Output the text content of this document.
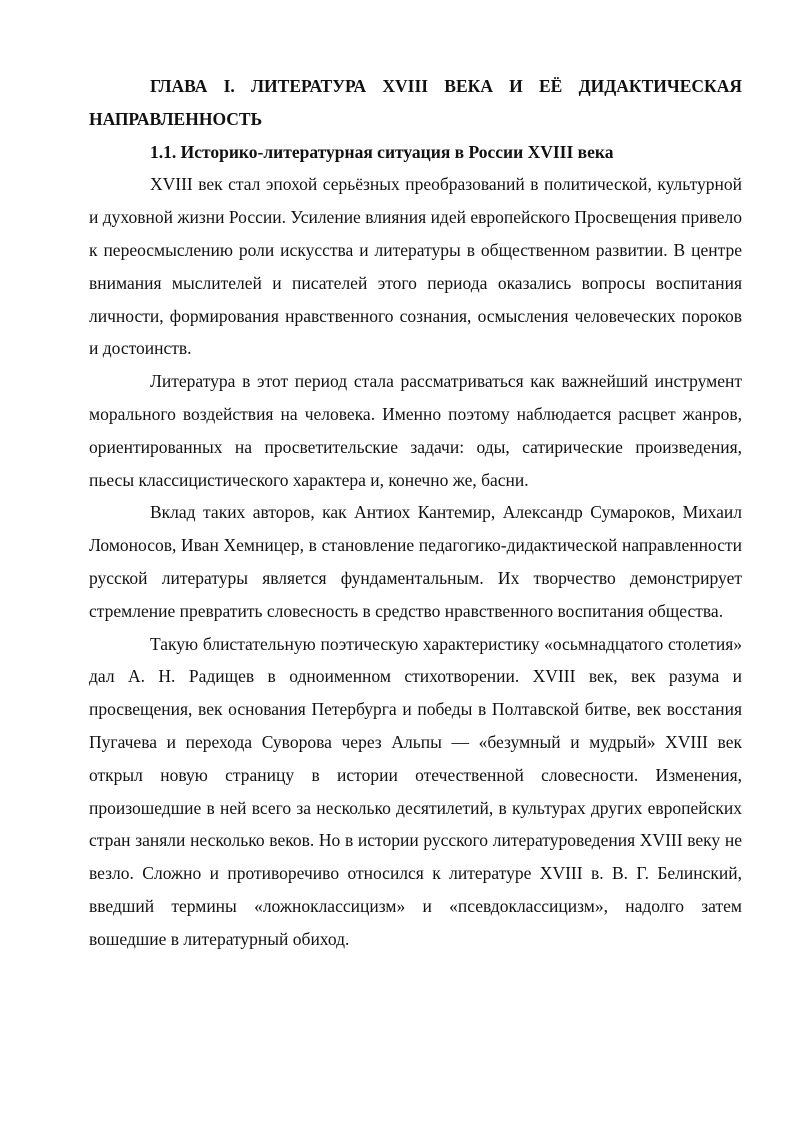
ГЛАВА I. ЛИТЕРАТУРА XVIII ВЕКА И ЕЁ ДИДАКТИЧЕСКАЯ НАПРАВЛЕННОСТЬ
1.1. Историко-литературная ситуация в России XVIII века

XVIII век стал эпохой серьёзных преобразований в политической, культурной и духовной жизни России. Усиление влияния идей европейского Просвещения привело к переосмыслению роли искусства и литературы в общественном развитии. В центре внимания мыслителей и писателей этого периода оказались вопросы воспитания личности, формирования нравственного сознания, осмысления человеческих пороков и достоинств.

Литература в этот период стала рассматриваться как важнейший инструмент морального воздействия на человека. Именно поэтому наблюдается расцвет жанров, ориентированных на просветительские задачи: оды, сатирические произведения, пьесы классицистического характера и, конечно же, басни.

Вклад таких авторов, как Антиох Кантемир, Александр Сумароков, Михаил Ломоносов, Иван Хемницер, в становление педагогико-дидактической направленности русской литературы является фундаментальным. Их творчество демонстрирует стремление превратить словесность в средство нравственного воспитания общества.

Такую блистательную поэтическую характеристику «осьмнадцатого столетия» дал А. Н. Радищев в одноименном стихотворении. XVIII век, век разума и просвещения, век основания Петербурга и победы в Полтавской битве, век восстания Пугачева и перехода Суворова через Альпы — «безумный и мудрый» XVIII век открыл новую страницу в истории отечественной словесности. Изменения, произошедшие в ней всего за несколько десятилетий, в культурах других европейских стран заняли несколько веков. Но в истории русского литературоведения XVIII веку не везло. Сложно и противоречиво относился к литературе XVIII в. В. Г. Белинский, введший термины «ложноклассицизм» и «псевдоклассицизм», надолго затем вошедшие в литературный обиход.
